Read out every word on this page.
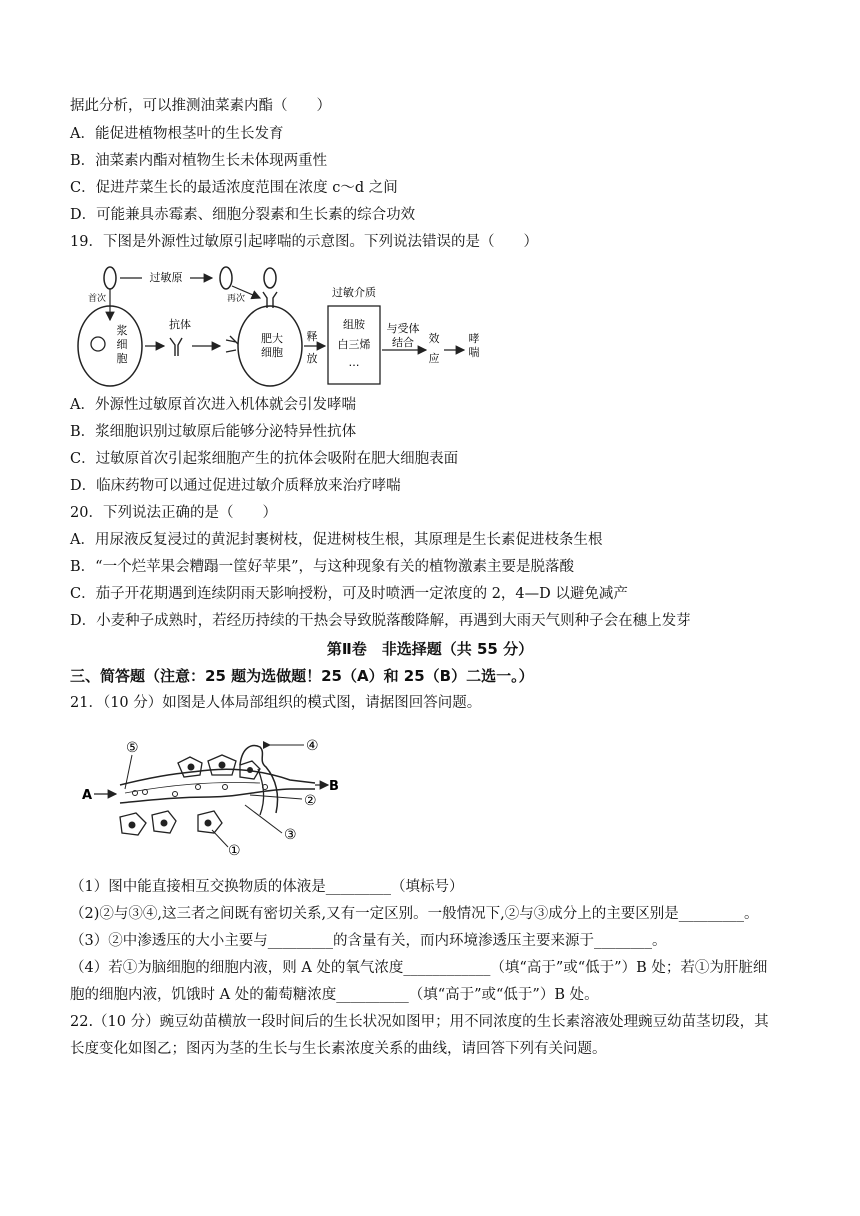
据此分析，可以推测油菜素内酯（　　）
A．能促进植物根茎叶的生长发育
B．油菜素内酯对植物生长未体现两重性
C．促进芹菜生长的最适浓度范围在浓度 c～d 之间
D．可能兼具赤霉素、细胞分裂素和生长素的综合功效
19．下图是外源性过敏原引起哮喘的示意图。下列说法错误的是（　　）
首次
过敏原
再次
浆
细
胞
抗体
肥大
细胞
释
放
过敏介质
组胺
白三烯
…
与受体
结合 效
应
哮
喘
A．外源性过敏原首次进入机体就会引发哮喘
B．浆细胞识别过敏原后能够分泌特异性抗体
C．过敏原首次引起浆细胞产生的抗体会吸附在肥大细胞表面
D．临床药物可以通过促进过敏介质释放来治疗哮喘
20．下列说法正确的是（　　）
A．用尿液反复浸过的黄泥封裹树枝，促进树枝生根，其原理是生长素促进枝条生根
B．“一个烂苹果会糟蹋一筐好苹果”，与这种现象有关的植物激素主要是脱落酸
C．茄子开花期遇到连续阴雨天影响授粉，可及时喷洒一定浓度的 2，4—D 以避免减产
D．小麦种子成熟时，若经历持续的干热会导致脱落酸降解，再遇到大雨天气则种子会在穗上发芽
第Ⅱ卷　非选择题（共 55 分）
三、简答题（注意：25 题为选做题！25（A）和 25（B）二选一。）
21．（10 分）如图是人体局部组织的模式图，请据图回答问题。
A
B
④
⑤
②
③
①
（1）图中能直接相互交换物质的体液是_________（填标号）
（2)②与③④,这三者之间既有密切关系,又有一定区别。一般情况下,②与③成分上的主要区别是_________。
（3）②中渗透压的大小主要与_________的含量有关，而内环境渗透压主要来源于________。
（4）若①为脑细胞的细胞内液，则 A 处的氧气浓度____________（填“高于”或“低于”）B 处；若①为肝脏细
胞的细胞内液，饥饿时 A 处的葡萄糖浓度__________（填“高于”或“低于”）B 处。
22.（10 分）豌豆幼苗横放一段时间后的生长状况如图甲；用不同浓度的生长素溶液处理豌豆幼苗茎切段，其
长度变化如图乙；图丙为茎的生长与生长素浓度关系的曲线，请回答下列有关问题。
